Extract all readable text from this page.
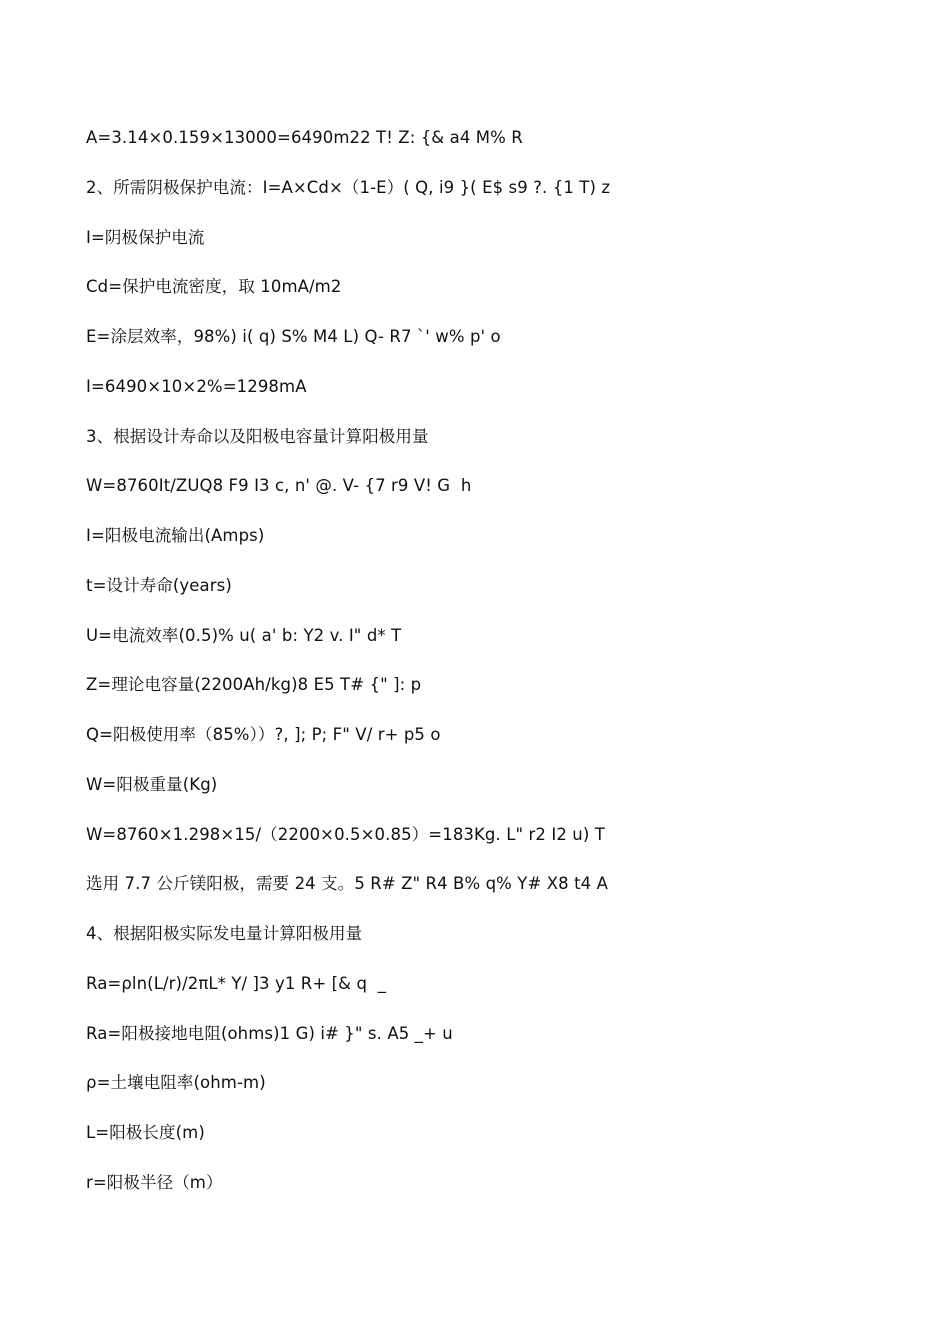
A=3.14×0.159×13000=6490m22 T! Z: {& a4 M% R
2、所需阴极保护电流：I=A×Cd×（1-E）( Q, i9 }( E$ s9 ?. {1 T) z
I=阴极保护电流
Cd=保护电流密度，取 10mA/m2
E=涂层效率，98%) i( q) S% M4 L) Q- R7 `' w% p' o
I=6490×10×2%=1298mA
3、根据设计寿命以及阳极电容量计算阳极用量
W=8760It/ZUQ8 F9 I3 c, n' @. V- {7 r9 V! G  h
I=阳极电流输出(Amps)
t=设计寿命(years)
U=电流效率(0.5)% u( a' b: Y2 v. I" d* T
Z=理论电容量(2200Ah/kg)8 E5 T# {" ]: p
Q=阳极使用率（85%））?, ]; P; F" V/ r+ p5 o
W=阳极重量(Kg)
W=8760×1.298×15/（2200×0.5×0.85）=183Kg. L" r2 I2 u) T
选用 7.7 公斤镁阳极，需要 24 支。5 R# Z" R4 B% q% Y# X8 t4 A
4、根据阳极实际发电量计算阳极用量
Ra=ρln(L/r)/2πL* Y/ ]3 y1 R+ [& q  _
Ra=阳极接地电阻(ohms)1 G) i# }" s. A5 _+ u
ρ=土壤电阻率(ohm-m)
L=阳极长度(m)
r=阳极半径（m）
